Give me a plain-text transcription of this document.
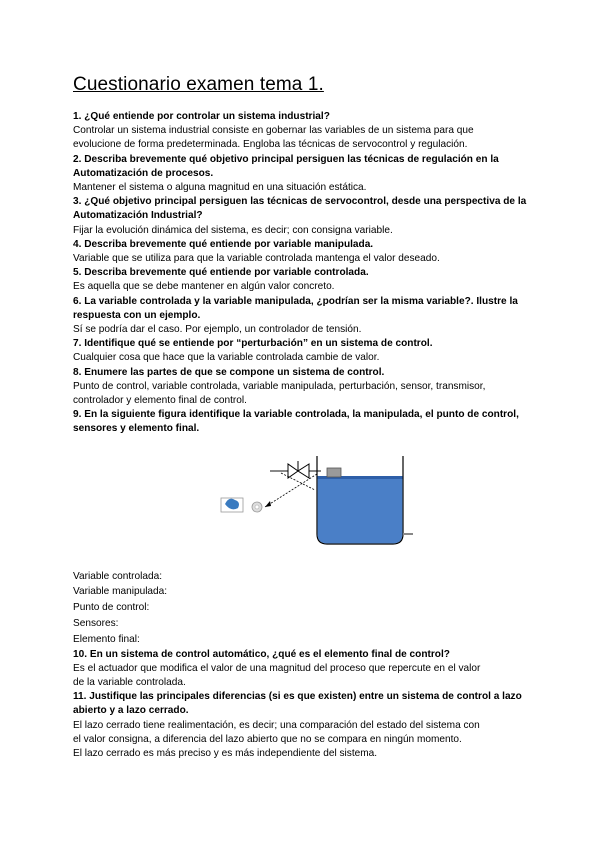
Cuestionario examen tema 1.

1. ¿Qué entiende por controlar un sistema industrial?

Controlar un sistema industrial consiste en gobernar las variables de un sistema para que

evolucione de forma predeterminada. Engloba las técnicas de servocontrol y regulación.

2. Describa brevemente qué objetivo principal persiguen las técnicas de regulación en la Automatización de procesos.

Mantener el sistema o alguna magnitud en una situación estática.

3. ¿Qué objetivo principal persiguen las técnicas de servocontrol, desde una perspectiva de la Automatización Industrial?

Fijar la evolución dinámica del sistema, es decir; con consigna variable.

4. Describa brevemente qué entiende por variable manipulada.

Variable que se utiliza para que la variable controlada mantenga el valor deseado.

5. Describa brevemente qué entiende por variable controlada.

Es aquella que se debe mantener en algún valor concreto.

6. La variable controlada y la variable manipulada, ¿podrían ser la misma variable?. Ilustre la respuesta con un ejemplo.

Sí se podría dar el caso. Por ejemplo, un controlador de tensión.

7. Identifique qué se entiende por “perturbación” en un sistema de control.

Cualquier cosa que hace que la variable controlada cambie de valor.

8. Enumere las partes de que se compone un sistema de control.

Punto de control, variable controlada, variable manipulada, perturbación, sensor, transmisor,

controlador y elemento final de control.

9. En la siguiente figura identifique la variable controlada, la manipulada, el punto de control, sensores y elemento final.

Variable controlada:

Variable manipulada:

Punto de control:

Sensores:

Elemento final:

10. En un sistema de control automático, ¿qué es el elemento final de control?

Es el actuador que modifica el valor de una magnitud del proceso que repercute en el valor

de la variable controlada.

11. Justifique las principales diferencias (si es que existen) entre un sistema de control a lazo abierto y a lazo cerrado.

El lazo cerrado tiene realimentación, es decir; una comparación del estado del sistema con

el valor consigna, a diferencia del lazo abierto que no se compara en ningún momento.

El lazo cerrado es más preciso y es más independiente del sistema.
